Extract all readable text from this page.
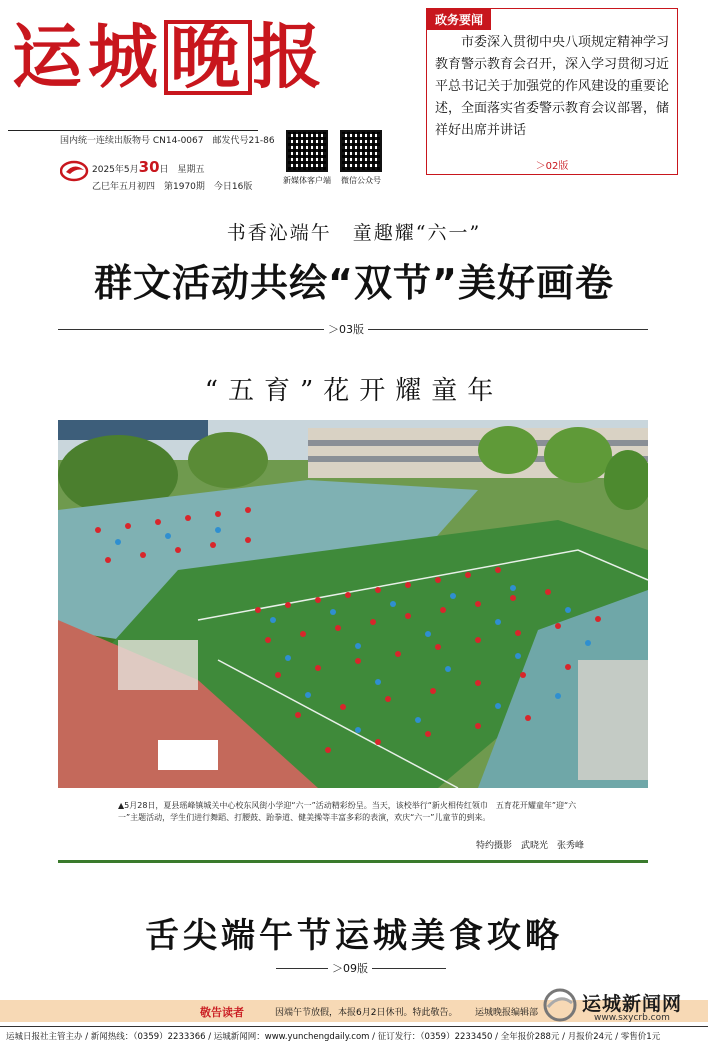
运城晚报
国内统一连续出版物号 CN14-0067　邮发代号21-86
2025年5月30日　星期五
乙巳年五月初四　第1970期　今日16版
新媒体客户端	微信公众号
政务要闻
市委深入贯彻中央八项规定精神学习教育警示教育会召开，深入学习贯彻习近平总书记关于加强党的作风建设的重要论述，全面落实省委警示教育会议部署，储祥好出席并讲话
＞02版
书香沁端午　童趣耀“六一”
群文活动共绘“双节”美好画卷
＞03版
“五育”花开耀童年
▲5月28日，夏县瑶峰镇城关中心校东风街小学迎“六一”活动精彩纷呈。当天，该校举行“新火相传红领巾　五育花开耀童年”迎“六一”主题活动，学生们进行舞蹈、打腰鼓、跆拳道、健美操等丰富多彩的表演，欢庆“六一”儿童节的到来。
特约摄影　武晓光　张秀峰
舌尖端午节运城美食攻略
＞09版
敬告读者	因端午节放假，本报6月2日休刊。特此敬告。 运城晚报编辑部 运城新闻网
www.sxycrb.com
运城日报社主管主办 / 新闻热线：（0359）2233366 / 运城新闻网：www.yunchengdaily.com / 征订发行：（0359）2233450 / 全年报价288元 / 月报价24元 / 零售价1元
